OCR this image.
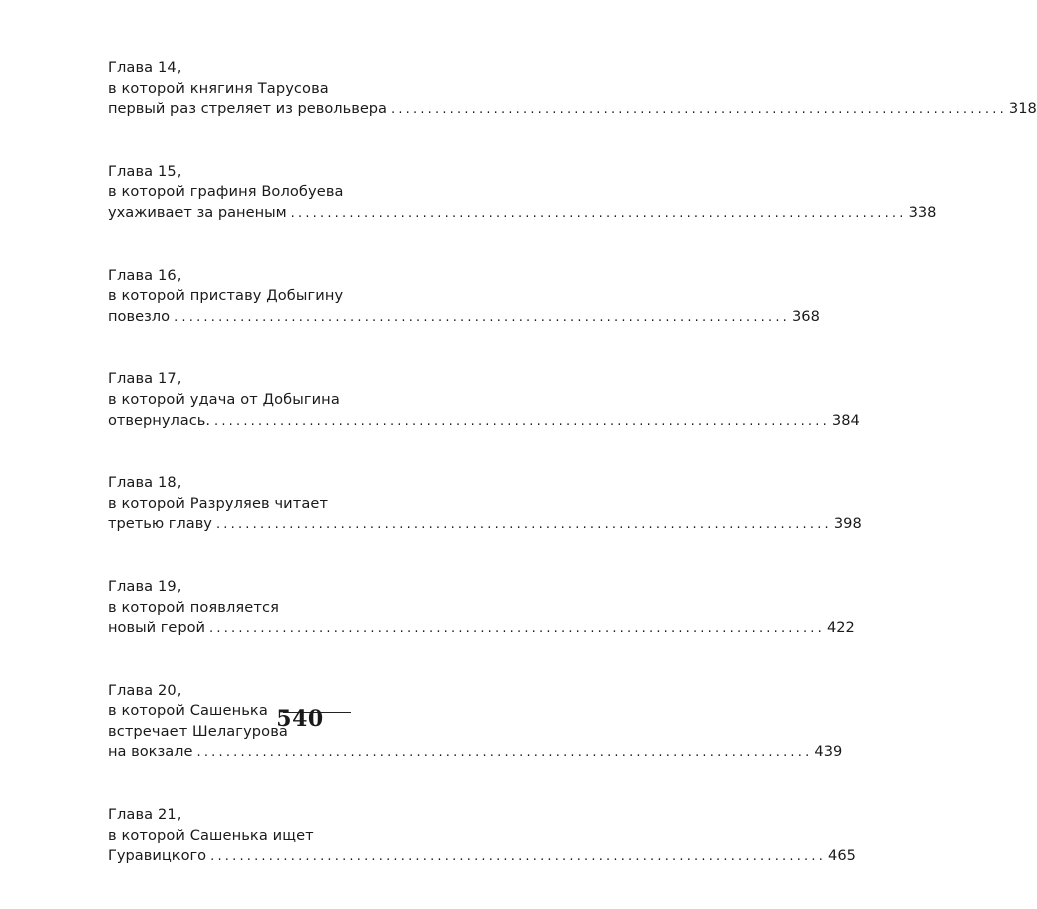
Глава 14,
в которой княгиня Тарусова
первый раз стреляет из револьвера .................................................................................... 318
Глава 15,
в которой графиня Волобуева
ухаживает за раненым .................................................................................... 338
Глава 16,
в которой приставу Добыгину
повезло .................................................................................... 368
Глава 17,
в которой удача от Добыгина
отвернулась. .................................................................................... 384
Глава 18,
в которой Разруляев читает
третью главу .................................................................................... 398
Глава 19,
в которой появляется
новый герой .................................................................................... 422
Глава 20,
в которой Сашенька
встречает Шелагурова
на вокзале .................................................................................... 439
Глава 21,
в которой Сашенька ищет
Гуравицкого .................................................................................... 465
540
